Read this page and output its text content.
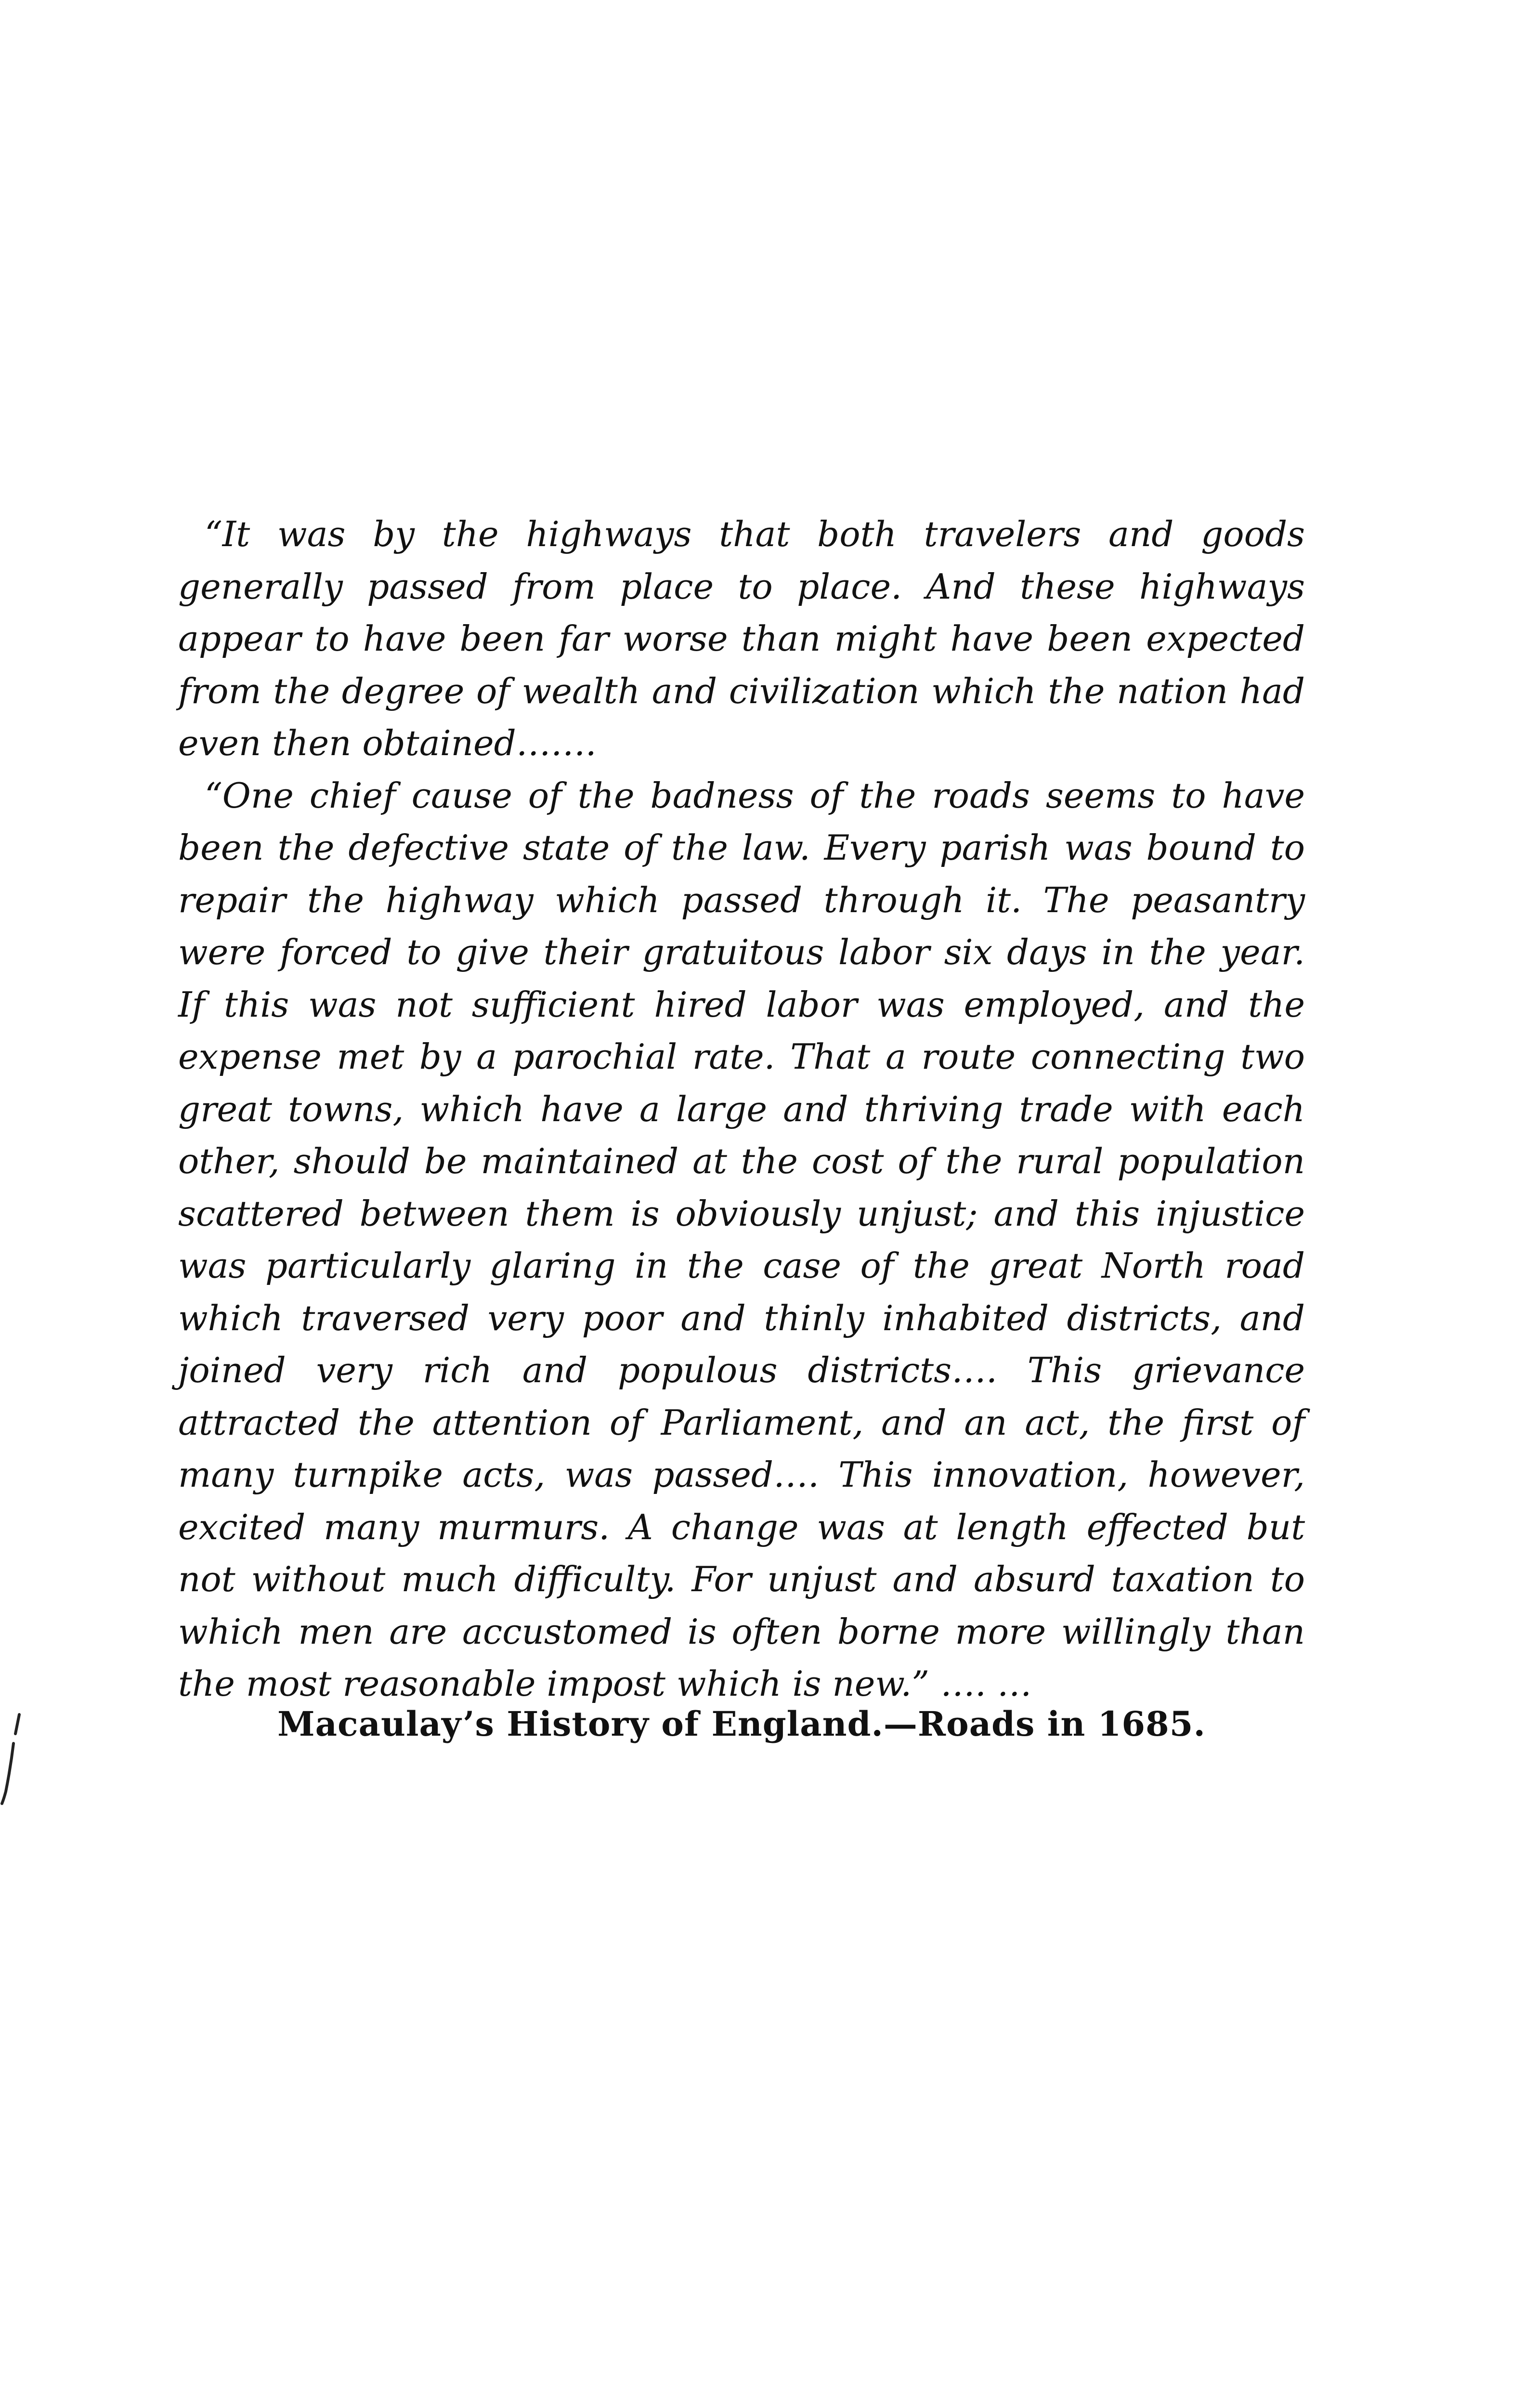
“It was by the highways that both travelers and goods generally passed from place to place. And these highways appear to have been far worse than might have been expected from the degree of wealth and civilization which the nation had even then obtained…….

“One chief cause of the badness of the roads seems to have been the defective state of the law. Every parish was bound to repair the highway which passed through it. The peasantry were forced to give their gratuitous labor six days in the year. If this was not sufficient hired labor was employed, and the expense met by a parochial rate. That a route connecting two great towns, which have a large and thriving trade with each other, should be maintained at the cost of the rural population scattered between them is obviously unjust; and this injustice was particularly glaring in the case of the great North road which traversed very poor and thinly inhabited districts, and joined very rich and populous districts…. This grievance attracted the attention of Parliament, and an act, the first of many turnpike acts, was passed…. This innovation, however, excited many murmurs. A change was at length effected but not without much difficulty. For unjust and absurd taxation to which men are accustomed is often borne more willingly than the most reasonable impost which is new.” …. …

Macaulay’s History of England.—Roads in 1685.
